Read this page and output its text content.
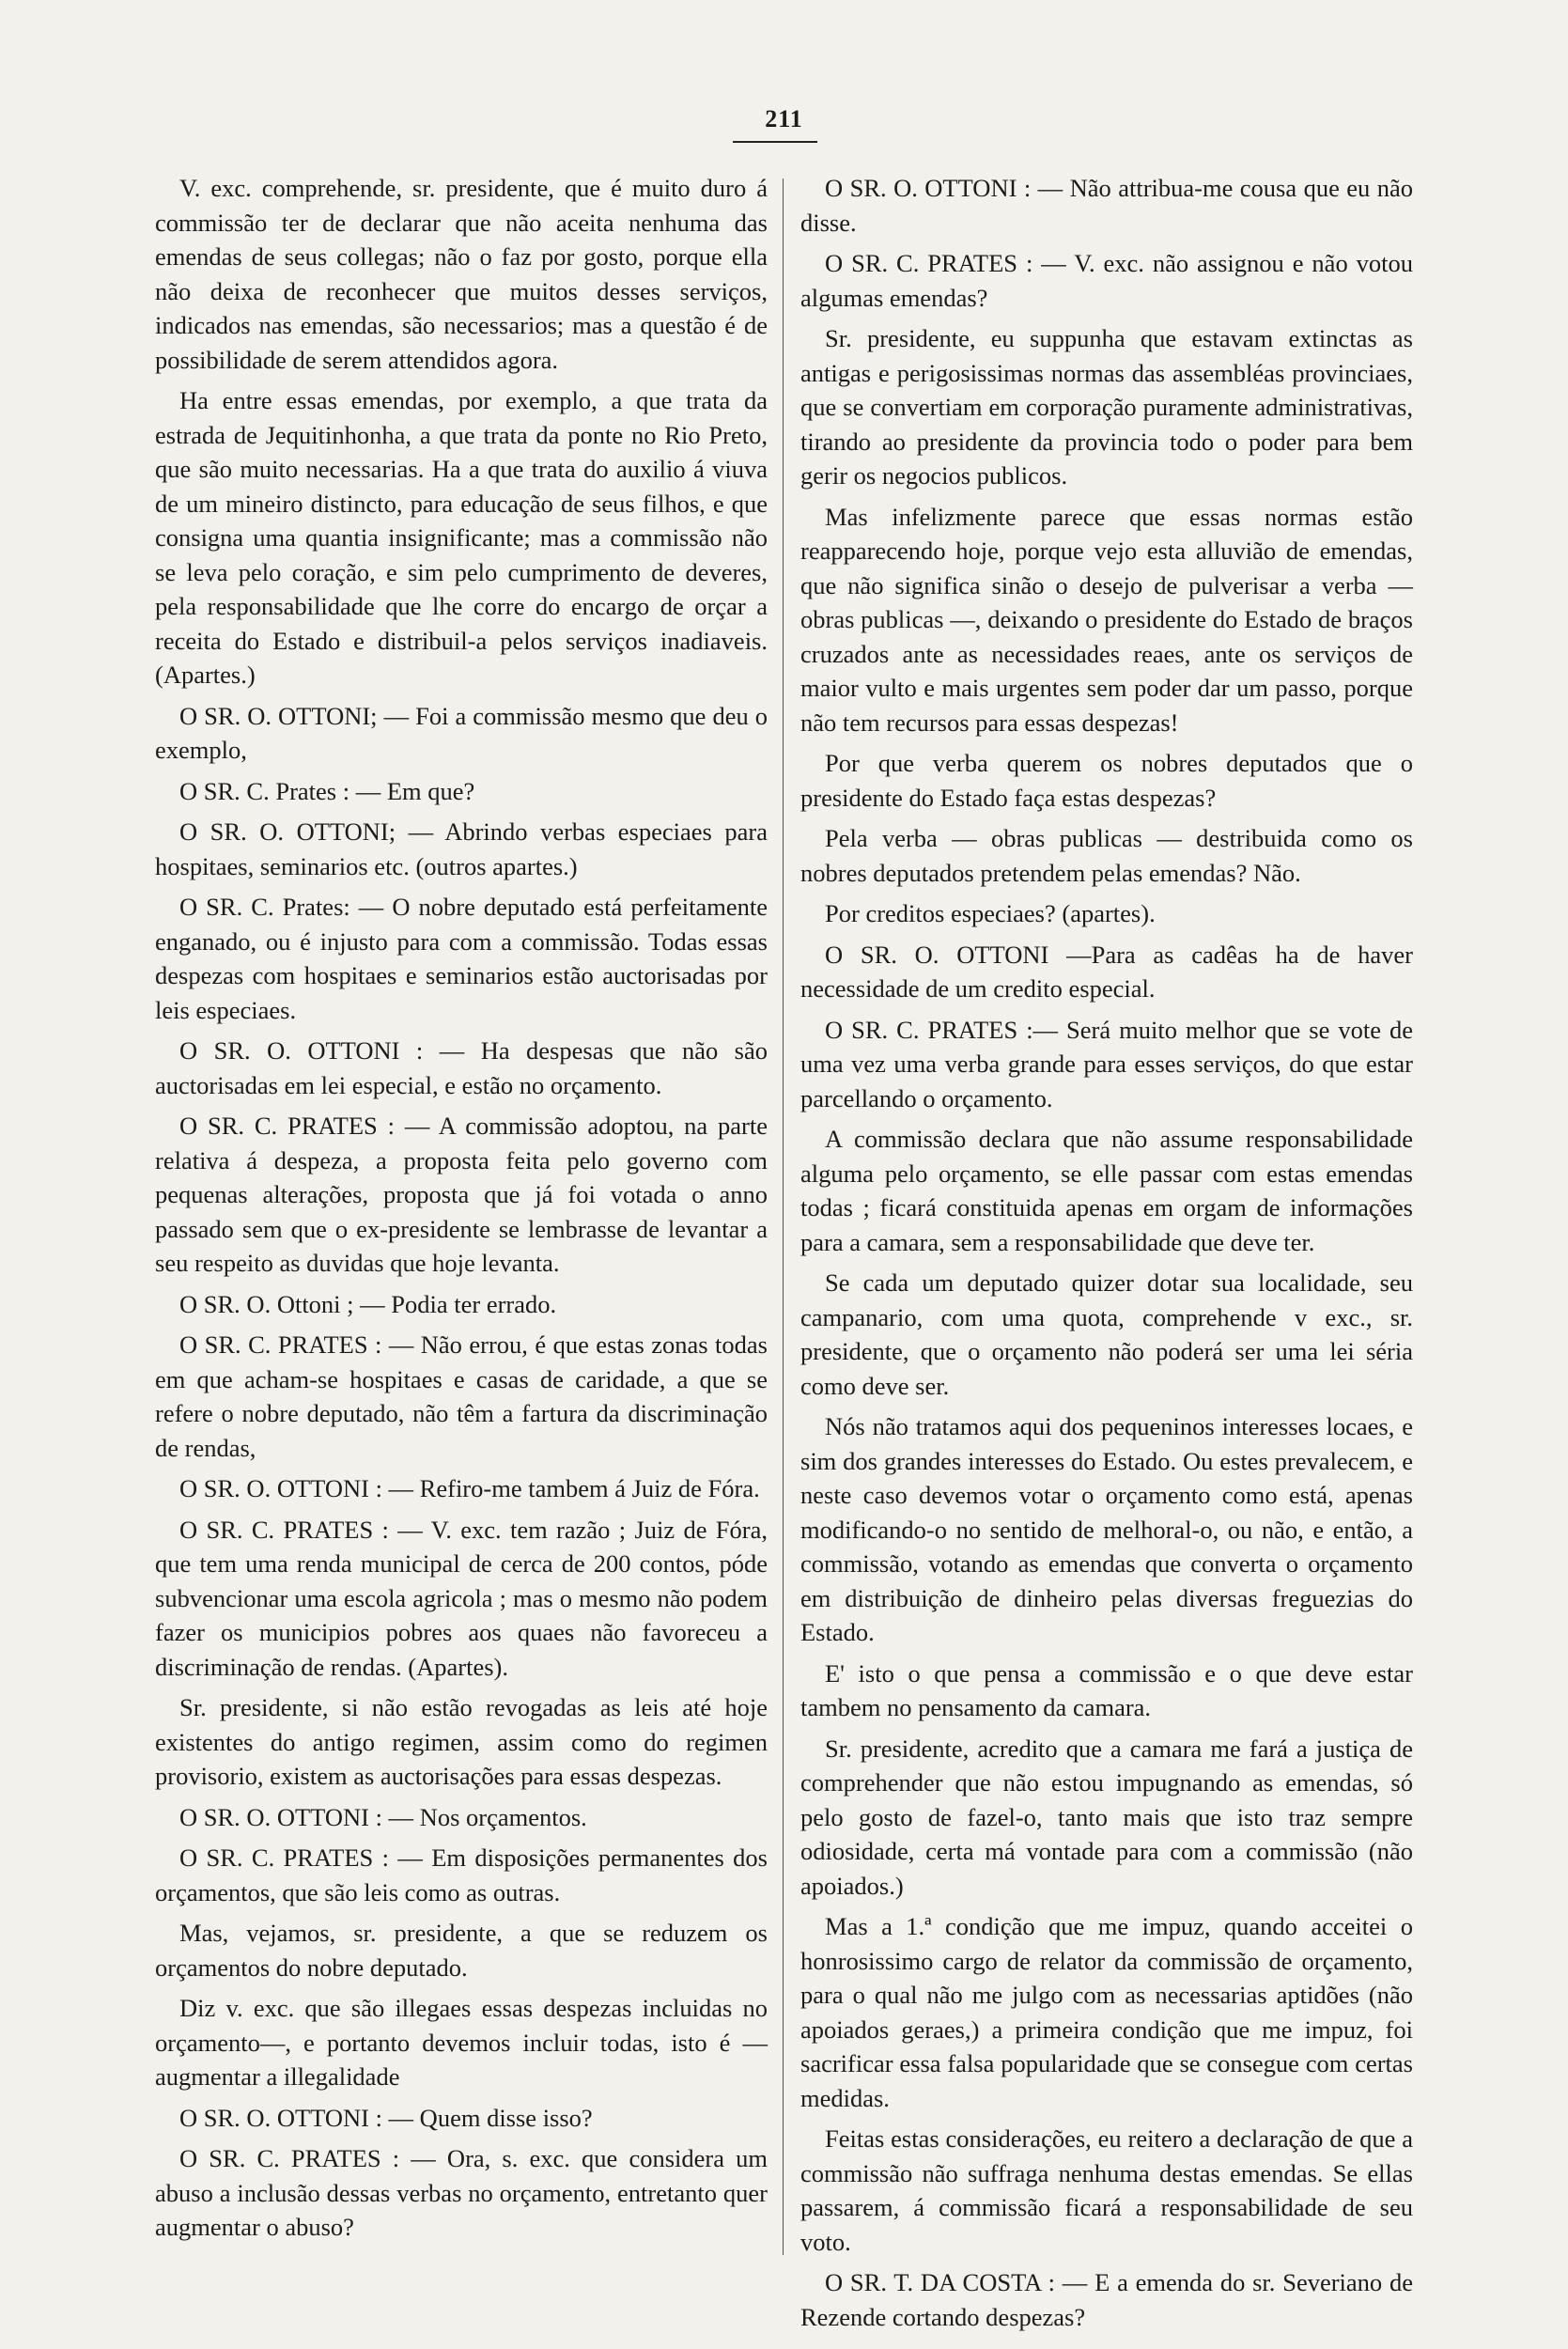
211

V. exc. comprehende, sr. presidente, que é muito duro á commissão ter de declarar que não aceita nenhuma das emendas de seus collegas; não o faz por gosto, porque ella não deixa de reconhecer que muitos desses serviços, indicados nas emendas, são necessarios; mas a questão é de possibilidade de serem attendidos agora.

Ha entre essas emendas, por exemplo, a que trata da estrada de Jequitinhonha, a que trata da ponte no Rio Preto, que são muito necessarias. Ha a que trata do auxilio á viuva de um mineiro distincto, para educação de seus filhos, e que consigna uma quantia insignificante; mas a commissão não se leva pelo coração, e sim pelo cumprimento de deveres, pela responsabilidade que lhe corre do encargo de orçar a receita do Estado e distribuil-a pelos serviços inadiaveis. (Apartes.)

O SR. O. OTTONI; — Foi a commissão mesmo que deu o exemplo,

O SR. C. Prates : — Em que?

O SR. O. OTTONI; — Abrindo verbas especiaes para hospitaes, seminarios etc. (outros apartes.)

O SR. C. Prates: — O nobre deputado está perfeitamente enganado, ou é injusto para com a commissão. Todas essas despezas com hospitaes e seminarios estão auctorisadas por leis especiaes.

O SR. O. OTTONI : — Ha despesas que não são auctorisadas em lei especial, e estão no orçamento.

O SR. C. PRATES : — A commissão adoptou, na parte relativa á despeza, a proposta feita pelo governo com pequenas alterações, proposta que já foi votada o anno passado sem que o ex-presidente se lembrasse de levantar a seu respeito as duvidas que hoje levanta.

O SR. O. Ottoni ; — Podia ter errado.

O SR. C. PRATES : — Não errou, é que estas zonas todas em que acham-se hospitaes e casas de caridade, a que se refere o nobre deputado, não têm a fartura da discriminação de rendas,

O SR. O. OTTONI : — Refiro-me tambem á Juiz de Fóra.

O SR. C. PRATES : — V. exc. tem razão ; Juiz de Fóra, que tem uma renda municipal de cerca de 200 contos, póde subvencionar uma escola agricola ; mas o mesmo não podem fazer os municipios pobres aos quaes não favoreceu a discriminação de rendas. (Apartes).

Sr. presidente, si não estão revogadas as leis até hoje existentes do antigo regimen, assim como do regimen provisorio, existem as auctorisações para essas despezas.

O SR. O. OTTONI : — Nos orçamentos.

O SR. C. PRATES : — Em disposições permanentes dos orçamentos, que são leis como as outras.

Mas, vejamos, sr. presidente, a que se reduzem os orçamentos do nobre deputado.

Diz v. exc. que são illegaes essas despezas incluidas no orçamento—, e portanto devemos incluir todas, isto é — augmentar a illegalidade

O SR. O. OTTONI : — Quem disse isso?

O SR. C. PRATES : — Ora, s. exc. que considera um abuso a inclusão dessas verbas no orçamento, entretanto quer augmentar o abuso?

O SR. O. OTTONI : — Não attribua-me cousa que eu não disse.

O SR. C. PRATES : — V. exc. não assignou e não votou algumas emendas?

Sr. presidente, eu suppunha que estavam extinctas as antigas e perigosissimas normas das assembléas provinciaes, que se convertiam em corporação puramente administrativas, tirando ao presidente da provincia todo o poder para bem gerir os negocios publicos.

Mas infelizmente parece que essas normas estão reapparecendo hoje, porque vejo esta alluvião de emendas, que não significa sinão o desejo de pulverisar a verba — obras publicas —, deixando o presidente do Estado de braços cruzados ante as necessidades reaes, ante os serviços de maior vulto e mais urgentes sem poder dar um passo, porque não tem recursos para essas despezas!

Por que verba querem os nobres deputados que o presidente do Estado faça estas despezas?

Pela verba — obras publicas — destribuida como os nobres deputados pretendem pelas emendas? Não.

Por creditos especiaes? (apartes).

O SR. O. OTTONI —Para as cadêas ha de haver necessidade de um credito especial.

O SR. C. PRATES :— Será muito melhor que se vote de uma vez uma verba grande para esses serviços, do que estar parcellando o orçamento.

A commissão declara que não assume responsabilidade alguma pelo orçamento, se elle passar com estas emendas todas ; ficará constituida apenas em orgam de informações para a camara, sem a responsabilidade que deve ter.

Se cada um deputado quizer dotar sua localidade, seu campanario, com uma quota, comprehende v exc., sr. presidente, que o orçamento não poderá ser uma lei séria como deve ser.

Nós não tratamos aqui dos pequeninos interesses locaes, e sim dos grandes interesses do Estado. Ou estes prevalecem, e neste caso devemos votar o orçamento como está, apenas modificando-o no sentido de melhoral-o, ou não, e então, a commissão, votando as emendas que converta o orçamento em distribuição de dinheiro pelas diversas freguezias do Estado.

E' isto o que pensa a commissão e o que deve estar tambem no pensamento da camara.

Sr. presidente, acredito que a camara me fará a justiça de comprehender que não estou impugnando as emendas, só pelo gosto de fazel-o, tanto mais que isto traz sempre odiosidade, certa má vontade para com a commissão (não apoiados.)

Mas a 1.ª condição que me impuz, quando acceitei o honrosissimo cargo de relator da commissão de orçamento, para o qual não me julgo com as necessarias aptidões (não apoiados geraes,) a primeira condição que me impuz, foi sacrificar essa falsa popularidade que se consegue com certas medidas.

Feitas estas considerações, eu reitero a declaração de que a commissão não suffraga nenhuma destas emendas. Se ellas passarem, á commissão ficará a responsabilidade de seu voto.

O SR. T. DA COSTA : — E a emenda do sr. Severiano de Rezende cortando despezas?
